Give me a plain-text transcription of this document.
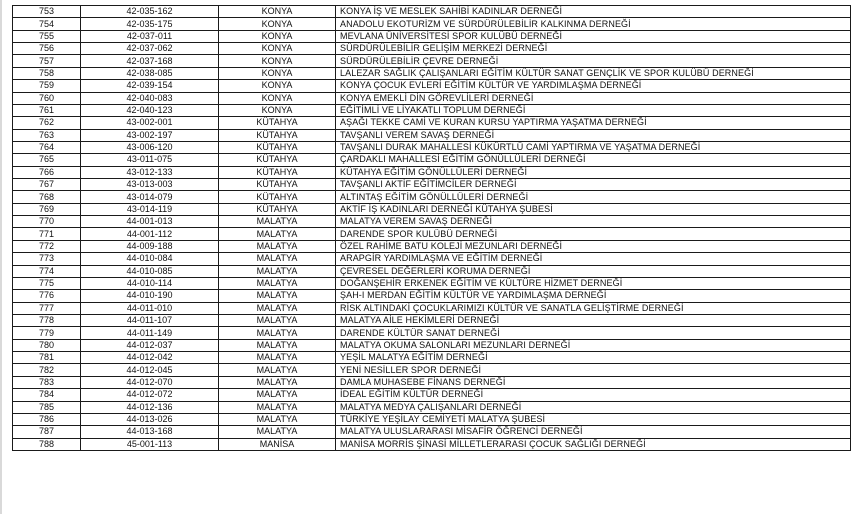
753	42-035-162	KONYA	KONYA İŞ VE MESLEK SAHİBİ KADINLAR DERNEĞİ
754	42-035-175	KONYA	ANADOLU EKOTURİZM VE SÜRDÜRÜLEBİLİR KALKINMA DERNEĞİ
755	42-037-011	KONYA	MEVLANA ÜNİVERSİTESİ SPOR KULÜBÜ DERNEĞİ
756	42-037-062	KONYA	SÜRDÜRÜLEBİLİR GELİŞİM MERKEZİ DERNEĞİ
757	42-037-168	KONYA	SÜRDÜRÜLEBİLİR ÇEVRE DERNEĞİ
758	42-038-085	KONYA	LALEZAR SAĞLIK ÇALIŞANLARI EĞİTİM KÜLTÜR SANAT GENÇLİK VE SPOR KULÜBÜ DERNEĞİ
759	42-039-154	KONYA	KONYA ÇOCUK EVLERİ EĞİTİM KÜLTÜR VE YARDIMLAŞMA DERNEĞİ
760	42-040-083	KONYA	KONYA EMEKLİ DİN GÖREVLİLERİ DERNEĞİ
761	42-040-123	KONYA	EĞİTİMLİ VE LİYAKATLI TOPLUM DERNEĞİ
762	43-002-001	KÜTAHYA	AŞAĞI TEKKE CAMİ VE KURAN KURSU YAPTIRMA YAŞATMA DERNEĞİ
763	43-002-197	KÜTAHYA	TAVŞANLI VEREM SAVAŞ DERNEĞİ
764	43-006-120	KÜTAHYA	TAVŞANLI DURAK MAHALLESİ KÜKÜRTLÜ CAMİ YAPTIRMA VE YAŞATMA DERNEĞİ
765	43-011-075	KÜTAHYA	ÇARDAKLI MAHALLESİ EĞİTİM GÖNÜLLÜLERİ DERNEĞİ
766	43-012-133	KÜTAHYA	KÜTAHYA EĞİTİM GÖNÜLLÜLERİ DERNEĞİ
767	43-013-003	KÜTAHYA	TAVŞANLI AKTİF EĞİTİMCİLER DERNEĞİ
768	43-014-079	KÜTAHYA	ALTINTAŞ EĞİTİM GÖNÜLLÜLERİ DERNEĞİ
769	43-014-119	KÜTAHYA	AKTİF İŞ KADINLARI DERNEĞİ KÜTAHYA ŞUBESİ
770	44-001-013	MALATYA	MALATYA VEREM SAVAŞ DERNEĞİ
771	44-001-112	MALATYA	DARENDE SPOR KULÜBÜ DERNEĞİ
772	44-009-188	MALATYA	ÖZEL RAHİME BATU KOLEJİ MEZUNLARI DERNEĞİ
773	44-010-084	MALATYA	ARAPGİR YARDIMLAŞMA VE EĞİTİM DERNEĞİ
774	44-010-085	MALATYA	ÇEVRESEL DEĞERLERİ KORUMA DERNEĞİ
775	44-010-114	MALATYA	DOĞANŞEHİR ERKENEK EĞİTİM VE KÜLTÜRE HİZMET DERNEĞİ
776	44-010-190	MALATYA	ŞAH-I MERDAN EĞİTİM KÜLTÜR VE YARDIMLAŞMA DERNEĞİ
777	44-011-010	MALATYA	RİSK ALTINDAKİ ÇOCUKLARIMIZI KÜLTÜR VE SANATLA GELİŞTİRME DERNEĞİ
778	44-011-107	MALATYA	MALATYA AİLE HEKİMLERİ DERNEĞİ
779	44-011-149	MALATYA	DARENDE KÜLTÜR SANAT DERNEĞİ
780	44-012-037	MALATYA	MALATYA OKUMA SALONLARI MEZUNLARI DERNEĞİ
781	44-012-042	MALATYA	YEŞİL MALATYA EĞİTİM DERNEĞİ
782	44-012-045	MALATYA	YENİ NESİLLER SPOR DERNEĞİ
783	44-012-070	MALATYA	DAMLA MUHASEBE FİNANS DERNEĞİ
784	44-012-072	MALATYA	İDEAL EĞİTİM KÜLTÜR DERNEĞİ
785	44-012-136	MALATYA	MALATYA MEDYA ÇALIŞANLARI DERNEĞİ
786	44-013-026	MALATYA	TÜRKİYE YEŞİLAY CEMİYETİ MALATYA ŞUBESİ
787	44-013-168	MALATYA	MALATYA ULUSLARARASI MİSAFİR ÖĞRENCİ DERNEĞİ
788	45-001-113	MANİSA	MANİSA MORRİS ŞİNASİ MİLLETLERARASI ÇOCUK SAĞLIĞI DERNEĞİ
